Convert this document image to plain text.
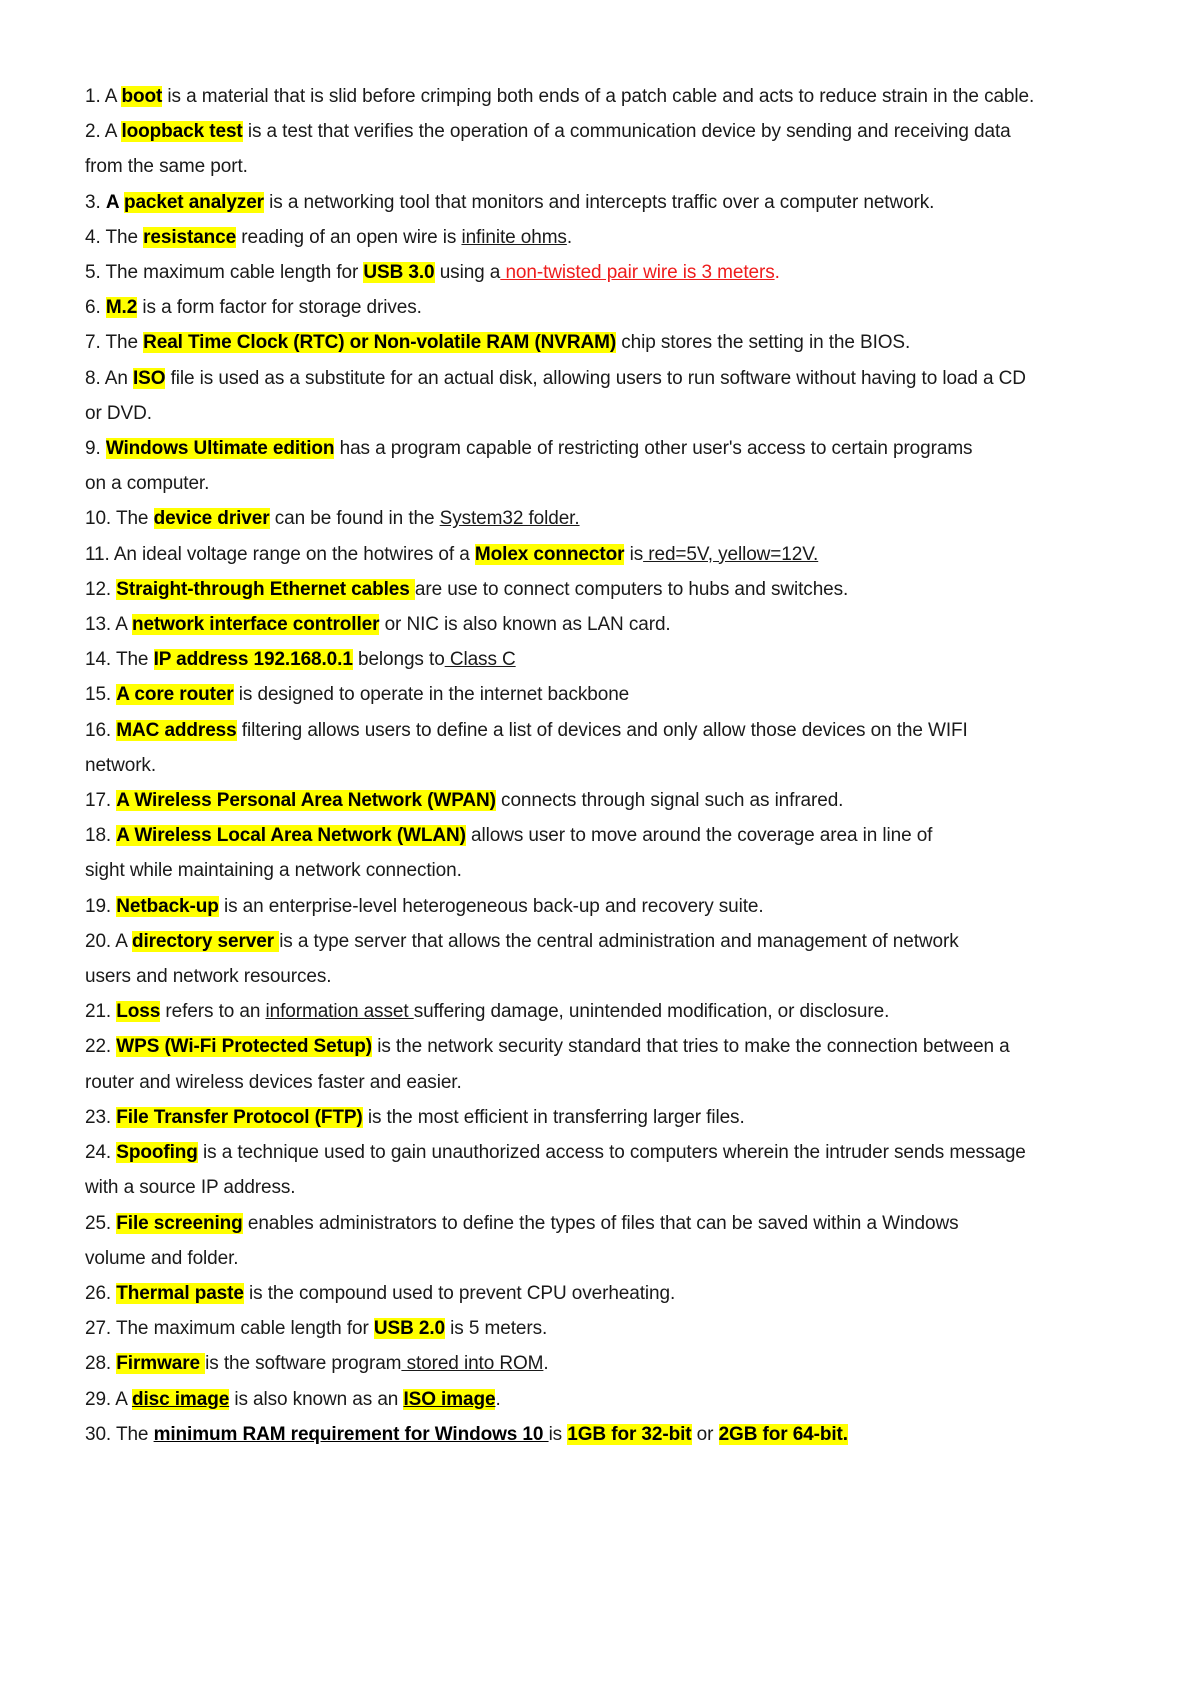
1. A boot is a material that is slid before crimping both ends of a patch cable and acts to reduce strain in the cable.
2. A loopback test is a test that verifies the operation of a communication device by sending and receiving data
from the same port.
3. A packet analyzer is a networking tool that monitors and intercepts traffic over a computer network.
4. The resistance reading of an open wire is infinite ohms.
5. The maximum cable length for USB 3.0 using a non-twisted pair wire is 3 meters.
6. M.2 is a form factor for storage drives.
7. The Real Time Clock (RTC) or Non-volatile RAM (NVRAM) chip stores the setting in the BIOS.
8. An ISO file is used as a substitute for an actual disk, allowing users to run software without having to load a CD
or DVD.
9. Windows Ultimate edition has a program capable of restricting other user's access to certain programs
on a computer.
10. The device driver can be found in the System32 folder.
11. An ideal voltage range on the hotwires of a Molex connector is red=5V, yellow=12V.
12. Straight-through Ethernet cables are use to connect computers to hubs and switches.
13. A network interface controller or NIC is also known as LAN card.
14. The IP address 192.168.0.1 belongs to Class C
15. A core router is designed to operate in the internet backbone
16. MAC address filtering allows users to define a list of devices and only allow those devices on the WIFI
network.
17. A Wireless Personal Area Network (WPAN) connects through signal such as infrared.
18. A Wireless Local Area Network (WLAN) allows user to move around the coverage area in line of
sight while maintaining a network connection.
19. Netback-up is an enterprise-level heterogeneous back-up and recovery suite.
20. A directory server is a type server that allows the central administration and management of network
users and network resources.
21. Loss refers to an information asset suffering damage, unintended modification, or disclosure.
22. WPS (Wi-Fi Protected Setup) is the network security standard that tries to make the connection between a
router and wireless devices faster and easier.
23. File Transfer Protocol (FTP) is the most efficient in transferring larger files.
24. Spoofing is a technique used to gain unauthorized access to computers wherein the intruder sends message
with a source IP address.
25. File screening enables administrators to define the types of files that can be saved within a Windows
volume and folder.
26. Thermal paste is the compound used to prevent CPU overheating.
27. The maximum cable length for USB 2.0 is 5 meters.
28. Firmware is the software program stored into ROM.
29. A disc image is also known as an ISO image.
30. The minimum RAM requirement for Windows 10 is 1GB for 32-bit or 2GB for 64-bit.
